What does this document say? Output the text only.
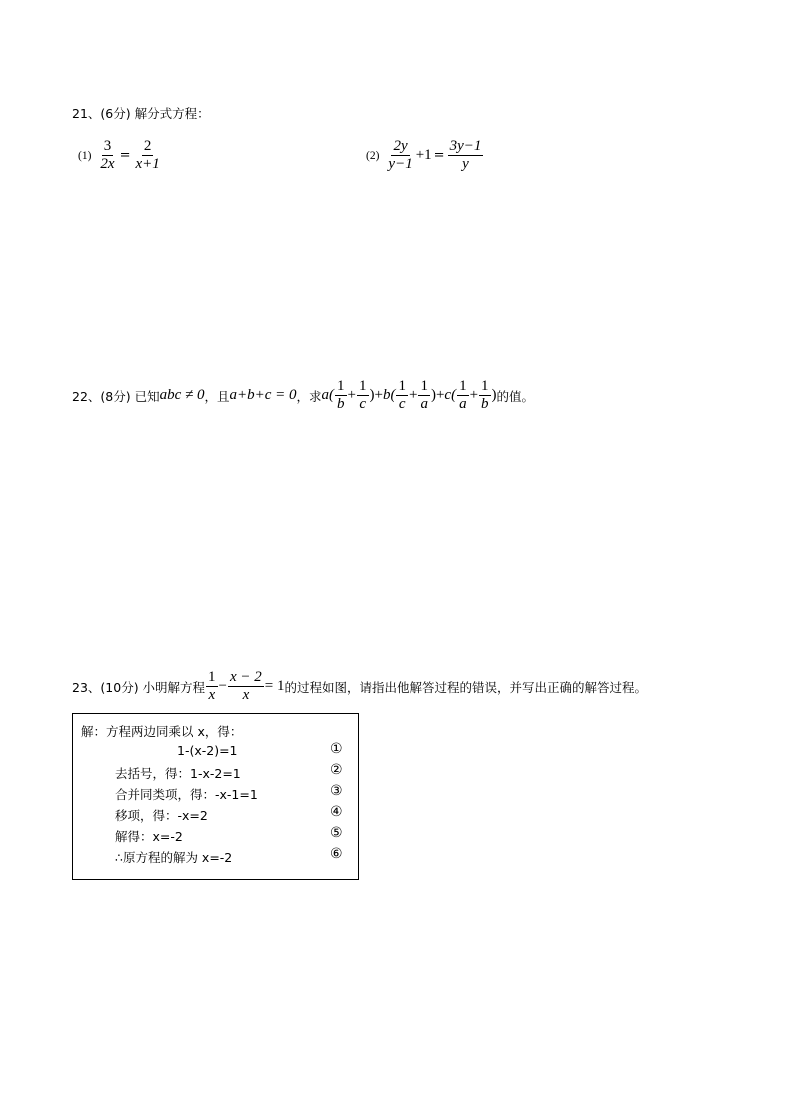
21、(6分) 解分式方程：
$(1) \frac{3}{2x} = \frac{2}{x+1}$	$(2) \frac{2y}{y-1} +1 = \frac{3y-1}{y}$
22、(8分) 已知 abc ≠ 0 ，且 a+b+c = 0 ，求 $a( \frac{1}{b} + \frac{1}{c}$ ) + $b( \frac{1}{c} + \frac{1}{a}$ ) + $c( \frac{1}{a} + \frac{1}{b}$ ) 的值。
23、(10分) 小明解方程 $\frac{1}{x} - \frac{x - 2}{x} = 1$ 的过程如图，请指出他解答过程的错误，并写出正确的解答过程。
解：方程两边同乘以 x，得：
1-(x-2)=1
去括号，得：1-x-2=1
合并同类项，得：-x-1=1
移项，得：-x=2
解得：x=-2
∴原方程的解为 x=-2
①
②
③
④
⑤
⑥
